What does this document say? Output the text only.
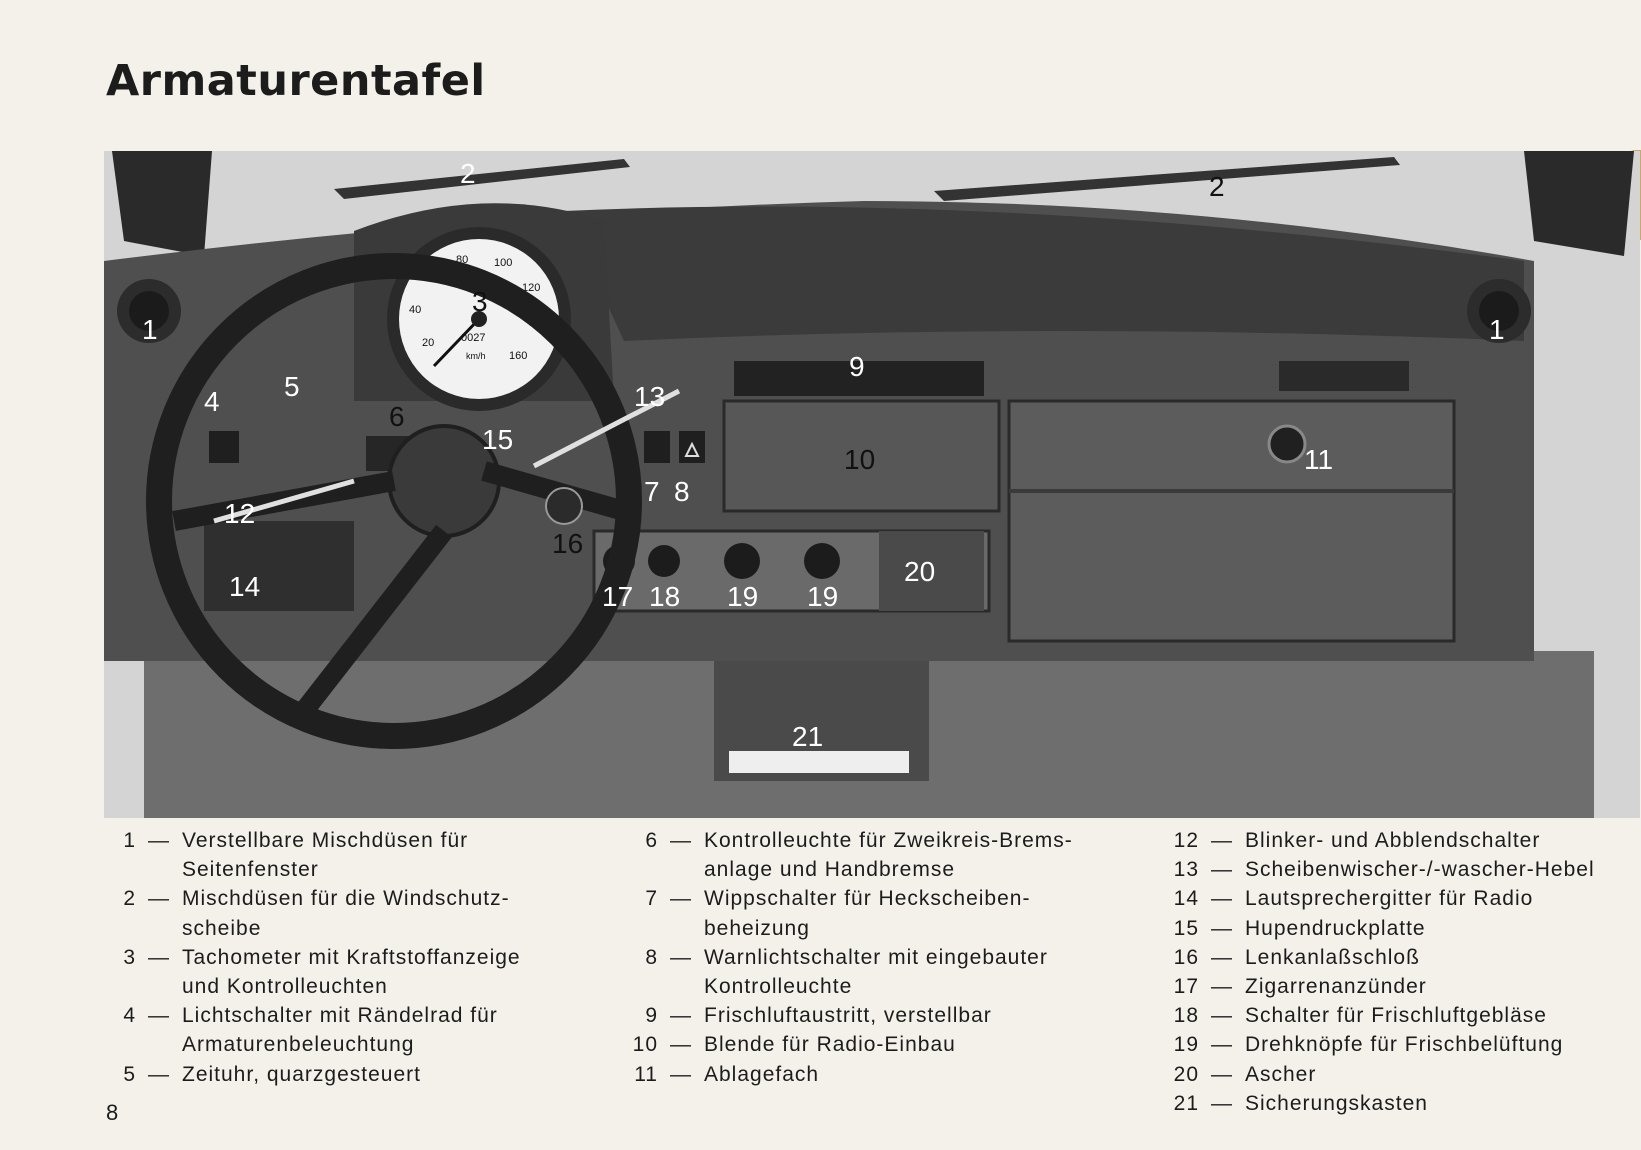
Armaturentafel
20
40
60
80 100
120
140
160
km/h
0027
1	1
2	2
3
4 5
6
7 8
9
10	11
12
13
14
15
16
17 18 19 19
20
21
1 — Verstellbare Mischdüsen für
Seitenfenster
2 — Mischdüsen für die Windschutz-
scheibe
3 — Tachometer mit Kraftstoffanzeige
und Kontrolleuchten
4 — Lichtschalter mit Rändelrad für
Armaturenbeleuchtung
5 — Zeituhr, quarzgesteuert
6 — Kontrolleuchte für Zweikreis-Brems-
anlage und Handbremse
7 — Wippschalter für Heckscheiben-
beheizung
8 — Warnlichtschalter mit eingebauter
Kontrolleuchte
9 — Frischluftaustritt, verstellbar
10 — Blende für Radio-Einbau
11 — Ablagefach
12 — Blinker- und Abblendschalter
13 — Scheibenwischer-/-wascher-Hebel
14 — Lautsprechergitter für Radio
15 — Hupendruckplatte
16 — Lenkanlaßschloß
17 — Zigarrenanzünder
18 — Schalter für Frischluftgebläse
19 — Drehknöpfe für Frischbelüftung
20 — Ascher
21 — Sicherungskasten
8
